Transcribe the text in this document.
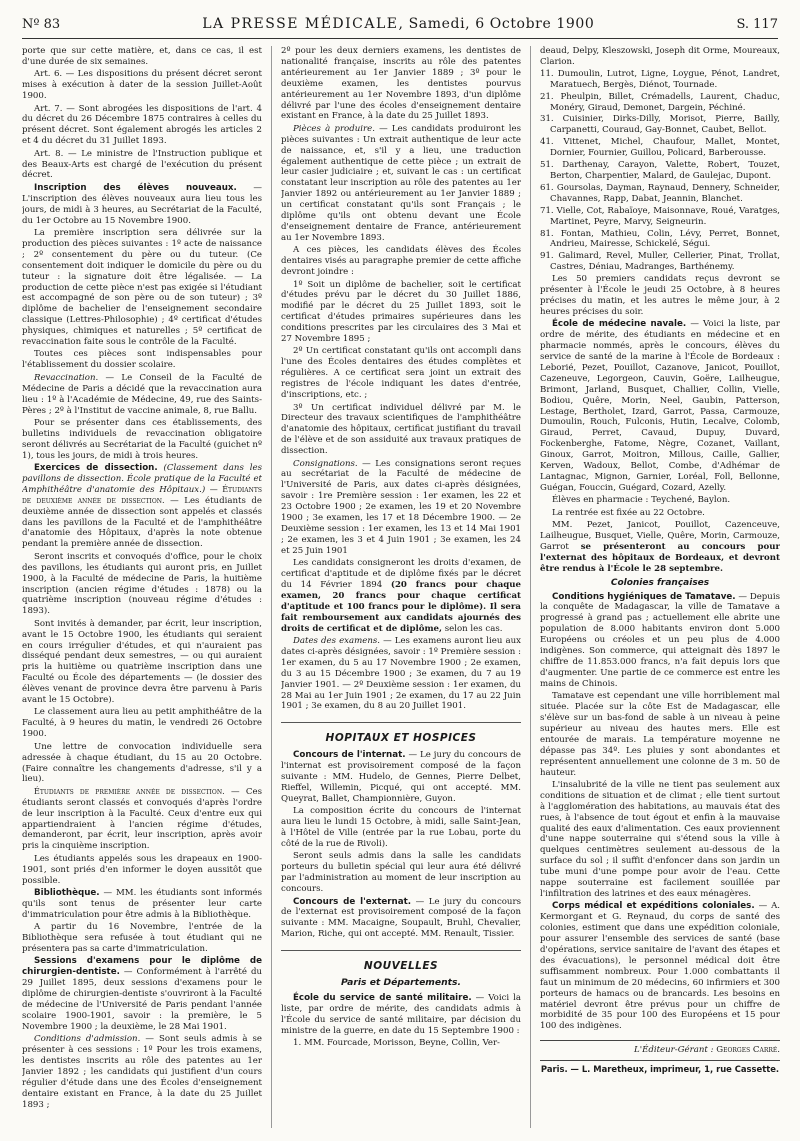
Nº 83	LA PRESSE MÉDICALE, Samedi, 6 Octobre 1900	S. 117

porte que sur cette matière, et, dans ce cas, il est d'une durée de six semaines.

Art. 6. — Les dispositions du présent décret seront mises à exécution à dater de la session Juillet-Août 1900.

Art. 7. — Sont abrogées les dispositions de l'art. 4 du décret du 26 Décembre 1875 contraires à celles du présent décret. Sont également abrogés les articles 2 et 4 du décret du 31 Juillet 1893.

Art. 8. — Le ministre de l'Instruction publique et des Beaux-Arts est chargé de l'exécution du présent décret.

Inscription des élèves nouveaux. — L'inscription des élèves nouveaux aura lieu tous les jours, de midi à 3 heures, au Secrétariat de la Faculté, du 1er Octobre au 15 Novembre 1900.

La première inscription sera délivrée sur la production des pièces suivantes : 1º acte de naissance ; 2º consentement du père ou du tuteur. (Ce consentement doit indiquer le domicile du père ou du tuteur : la signature doit être légalisée. — La production de cette pièce n'est pas exigée si l'étudiant est accompagné de son père ou de son tuteur) ; 3º diplôme de bachelier de l'enseignement secondaire classique (Lettres-Philosophie) ; 4º certificat d'études physiques, chimiques et naturelles ; 5º certificat de revaccination faite sous le contrôle de la Faculté.

Toutes ces pièces sont indispensables pour l'établissement du dossier scolaire.

Revaccination. — Le Conseil de la Faculté de Médecine de Paris a décidé que la revaccination aura lieu : 1º à l'Académie de Médecine, 49, rue des Saints-Pères ; 2º à l'Institut de vaccine animale, 8, rue Ballu.

Pour se présenter dans ces établissements, des bulletins individuels de revaccination obligatoire seront délivrés au Secrétariat de la Faculté (guichet nº 1), tous les jours, de midi à trois heures.

Exercices de dissection. (Classement dans les pavillons de dissection. École pratique de la Faculté et Amphithéâtre d'anatomie des Hôpitaux.) — Étudiants de deuxième année de dissection. — Les étudiants de deuxième année de dissection sont appelés et classés dans les pavillons de la Faculté et de l'amphithéâtre d'anatomie des Hôpitaux, d'après la note obtenue pendant la première année de dissection.

Seront inscrits et convoqués d'office, pour le choix des pavillons, les étudiants qui auront pris, en Juillet 1900, à la Faculté de médecine de Paris, la huitième inscription (ancien régime d'études : 1878) ou la quatrième inscription (nouveau régime d'études : 1893).

Sont invités à demander, par écrit, leur inscription, avant le 15 Octobre 1900, les étudiants qui seraient en cours irrégulier d'études, et qui n'auraient pas disséqué pendant deux semestres, — ou qui auraient pris la huitième ou quatrième inscription dans une Faculté ou École des départements — (le dossier des élèves venant de province devra être parvenu à Paris avant le 15 Octobre).

Le classement aura lieu au petit amphithéâtre de la Faculté, à 9 heures du matin, le vendredi 26 Octobre 1900.

Une lettre de convocation individuelle sera adressée à chaque étudiant, du 15 au 20 Octobre. (Faire connaître les changements d'adresse, s'il y a lieu).

Étudiants de première année de dissection. — Ces étudiants seront classés et convoqués d'après l'ordre de leur inscription à la Faculté. Ceux d'entre eux qui appartiendraient à l'ancien régime d'études, demanderont, par écrit, leur inscription, après avoir pris la cinquième inscription.

Les étudiants appelés sous les drapeaux en 1900-1901, sont priés d'en informer le doyen aussitôt que possible.

Bibliothèque. — MM. les étudiants sont informés qu'ils sont tenus de présenter leur carte d'immatriculation pour être admis à la Bibliothèque.

A partir du 16 Novembre, l'entrée de la Bibliothèque sera refusée à tout étudiant qui ne présentera pas sa carte d'immatriculation.

Sessions d'examens pour le diplôme de chirurgien-dentiste. — Conformément à l'arrêté du 29 Juillet 1895, deux sessions d'examens pour le diplôme de chirurgien-dentiste s'ouvriront à la Faculté de médecine de l'Université de Paris pendant l'année scolaire 1900-1901, savoir : la première, le 5 Novembre 1900 ; la deuxième, le 28 Mai 1901.

Conditions d'admission. — Sont seuls admis à se présenter à ces sessions : 1º Pour les trois examens, les dentistes inscrits au rôle des patentes au 1er Janvier 1892 ; les candidats qui justifient d'un cours régulier d'étude dans une des Écoles d'enseignement dentaire existant en France, à la date du 25 Juillet 1893 ;

2º pour les deux derniers examens, les dentistes de nationalité française, inscrits au rôle des patentes antérieurement au 1er Janvier 1889 ; 3º pour le deuxième examen, les dentistes pourvus antérieurement au 1er Novembre 1893, d'un diplôme délivré par l'une des écoles d'enseignement dentaire existant en France, à la date du 25 Juillet 1893.

Pièces à produire. — Les candidats produiront les pièces suivantes : Un extrait authentique de leur acte de naissance, et, s'il y a lieu, une traduction également authentique de cette pièce ; un extrait de leur casier judiciaire ; et, suivant le cas : un certificat constatant leur inscription au rôle des patentes au 1er Janvier 1892 ou antérieurement au 1er Janvier 1889 ; un certificat constatant qu'ils sont Français ; le diplôme qu'ils ont obtenu devant une École d'enseignement dentaire de France, antérieurement au 1er Novembre 1893.

A ces pièces, les candidats élèves des Écoles dentaires visés au paragraphe premier de cette affiche devront joindre :

1º Soit un diplôme de bachelier, soit le certificat d'études prévu par le décret du 30 Juillet 1886, modifié par le décret du 25 Juillet 1893, soit le certificat d'études primaires supérieures dans les conditions prescrites par les circulaires des 3 Mai et 27 Novembre 1895 ;

2º Un certificat constatant qu'ils ont accompli dans l'une des Écoles dentaires des études complètes et régulières. A ce certificat sera joint un extrait des registres de l'école indiquant les dates d'entrée, d'inscriptions, etc. ;

3º Un certificat individuel délivré par M. le Directeur des travaux scientifiques de l'amphithéâtre d'anatomie des hôpitaux, certificat justifiant du travail de l'élève et de son assiduité aux travaux pratiques de dissection.

Consignations. — Les consignations seront reçues au secrétariat de la Faculté de médecine de l'Université de Paris, aux dates ci-après désignées, savoir : 1re Première session : 1er examen, les 22 et 23 Octobre 1900 ; 2e examen, les 19 et 20 Novembre 1900 ; 3e examen, les 17 et 18 Décembre 1900. — 2e Deuxième session : 1er examen, les 13 et 14 Mai 1901 ; 2e examen, les 3 et 4 Juin 1901 ; 3e examen, les 24 et 25 Juin 1901

Les candidats consigneront les droits d'examen, de certificat d'aptitude et de diplôme fixés par le décret du 14 Février 1894 (20 francs pour chaque examen, 20 francs pour chaque certificat d'aptitude et 100 francs pour le diplôme). Il sera fait remboursement aux candidats ajournés des droits de certificat et de diplôme, selon les cas.

Dates des examens. — Les examens auront lieu aux dates ci-après désignées, savoir : 1º Première session : 1er examen, du 5 au 17 Novembre 1900 ; 2e examen, du 3 au 15 Décembre 1900 ; 3e examen, du 7 au 19 Janvier 1901. — 2º Deuxième session : 1er examen, du 28 Mai au 1er Juin 1901 ; 2e examen, du 17 au 22 Juin 1901 ; 3e examen, du 8 au 20 Juillet 1901.

HOPITAUX ET HOSPICES

Concours de l'internat. — Le jury du concours de l'internat est provisoirement composé de la façon suivante : MM. Hudelo, de Gennes, Pierre Delbet, Rieffel, Willemin, Picqué, qui ont accepté. MM. Queyrat, Ballet, Championnière, Guyon.

La composition écrite du concours de l'internat aura lieu le lundi 15 Octobre, à midi, salle Saint-Jean, à l'Hôtel de Ville (entrée par la rue Lobau, porte du côté de la rue de Rivoli).

Seront seuls admis dans la salle les candidats porteurs du bulletin spécial qui leur aura été délivré par l'administration au moment de leur inscription au concours.

Concours de l'externat. — Le jury du concours de l'externat est provisoirement composé de la façon suivante : MM. Macaigne, Soupault, Bruhl, Chevalier, Marion, Riche, qui ont accepté. MM. Renault, Tissier.

NOUVELLES
Paris et Départements.

École du service de santé militaire. — Voici la liste, par ordre de mérite, des candidats admis à l'École du service de santé militaire, par décision du ministre de la guerre, en date du 15 Septembre 1900 :

1. MM. Fourcade, Morisson, Beyne, Collin, Ver-

deaud, Delpy, Kleszowski, Joseph dit Orme, Moureaux, Clarion.

11. Dumoulin, Lutrot, Ligne, Loygue, Pénot, Landret, Maratuech, Bergès, Diénot, Tournade.

21. Pheulpin, Billet, Crémadells, Laurent, Chaduc, Monéry, Giraud, Demonet, Dargein, Péchiné.

31. Cuisinier, Dirks-Dilly, Morisot, Pierre, Bailly, Carpanetti, Couraud, Gay-Bonnet, Caubet, Bellot.

41. Vittenet, Michel, Chaufour, Mallet, Montet, Dornier, Fournier, Guillou, Policard, Barberousse.

51. Darthenay, Carayon, Valette, Robert, Touzet, Berton, Charpentier, Malard, de Gaulejac, Dupont.

61. Goursolas, Dayman, Raynaud, Dennery, Schneider, Chavannes, Rapp, Dabat, Jeannin, Blanchet.

71. Vielle, Cot, Rabaïoye, Maisonnave, Roué, Varatges, Martinet, Peyre, Marvy, Seigneurin.

81. Fontan, Mathieu, Colin, Lévy, Perret, Bonnet, Andrieu, Mairesse, Schickelé, Ségui.

91. Galimard, Revel, Muller, Cellerier, Pinat, Trollat, Castres, Déniau, Madranges, Barthénemy.

Les 50 premiers candidats reçus devront se présenter à l'École le jeudi 25 Octobre, à 8 heures précises du matin, et les autres le même jour, à 2 heures précises du soir.

École de médecine navale. — Voici la liste, par ordre de mérite, des étudiants en médecine et en pharmacie nommés, après le concours, élèves du service de santé de la marine à l'École de Bordeaux : Leborié, Pezet, Pouillot, Cazanove, Janicot, Pouillot, Cazeneuve, Legorgeon, Cauvin, Goëre, Lailheugue, Brimont, Jarland, Busquet, Challier, Collin, Vielle, Bodiou, Quêre, Morin, Neel, Gaubin, Patterson, Lestage, Bertholet, Izard, Garrot, Passa, Carmouze, Dumoulin, Rouch, Fulconis, Hutin, Lecalve, Colomb, Giraud, Perret, Cavaud, Dupuy, Duvard, Fockenberghe, Fatome, Nègre, Cozanet, Vaillant, Ginoux, Garrot, Moitron, Millous, Caille, Gallier, Kerven, Wadoux, Bellot, Combe, d'Adhémar de Lantagnac, Mignon, Garnier, Loréal, Foll, Bellonne, Guégan, Fouccin, Guégard, Cozard, Azelly.

Élèves en pharmacie : Teychené, Baylon.

La rentrée est fixée au 22 Octobre.

MM. Pezet, Janicot, Pouillot, Cazenceuve, Lailheugue, Busquet, Vielle, Quêre, Morin, Carmouze, Garrot se présenteront au concours pour l'externat des hôpitaux de Bordeaux, et devront être rendus à l'École le 28 septembre.

Colonies françaises

Conditions hygiéniques de Tamatave. — Depuis la conquête de Madagascar, la ville de Tamatave a progressé à grand pas ; actuellement elle abrite une population de 8.000 habitants environ dont 5.000 Européens ou créoles et un peu plus de 4.000 indigènes. Son commerce, qui atteignait dès 1897 le chiffre de 11.853.000 francs, n'a fait depuis lors que d'augmenter. Une partie de ce commerce est entre les mains de Chinois.

Tamatave est cependant une ville horriblement mal située. Placée sur la côte Est de Madagascar, elle s'élève sur un bas-fond de sable à un niveau à peine supérieur au niveau des hautes mers. Elle est entourée de marais. La température moyenne ne dépasse pas 34º. Les pluies y sont abondantes et représentent annuellement une colonne de 3 m. 50 de hauteur.

L'insalubrité de la ville ne tient pas seulement aux conditions de situation et de climat ; elle tient surtout à l'agglomération des habitations, au mauvais état des rues, à l'absence de tout égout et enfin à la mauvaise qualité des eaux d'alimentation. Ces eaux proviennent d'une nappe souterraine qui s'étend sous la ville à quelques centimètres seulement au-dessous de la surface du sol ; il suffit d'enfoncer dans son jardin un tube muni d'une pompe pour avoir de l'eau. Cette nappe souterraine est facilement souillée par l'infiltration des latrines et des eaux ménagères.

Corps médical et expéditions coloniales. — A. Kermorgant et G. Reynaud, du corps de santé des colonies, estiment que dans une expédition coloniale, pour assurer l'ensemble des services de santé (base d'opérations, service sanitaire de l'avant des étapes et des évacuations), le personnel médical doit être suffisamment nombreux. Pour 1.000 combattants il faut un minimum de 20 médecins, 60 infirmiers et 300 porteurs de hamacs ou de brancards. Les besoins en matériel devront être prévus pour un chiffre de morbidité de 35 pour 100 des Européens et 15 pour 100 des indigènes.

L'Éditeur-Gérant : Georges Carré.
Paris. — L. Maretheux, imprimeur, 1, rue Cassette.
